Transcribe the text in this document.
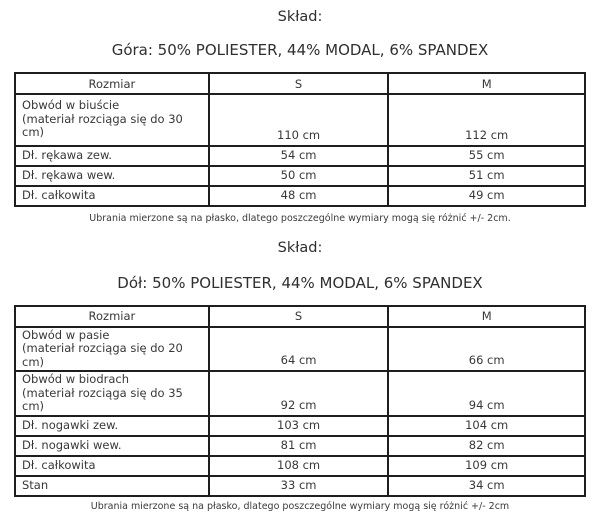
Skład:
Góra: 50% POLIESTER, 44% MODAL, 6% SPANDEX
Rozmiar	S	M

Obwód w biuście
(materiał rozciąga się do 30 cm)	110 cm	112 cm
Dł. rękawa zew.	54 cm	55 cm
Dł. rękawa wew.	50 cm	51 cm
Dł. całkowita	48 cm	49 cm
Ubrania mierzone są na płasko, dlatego poszczególne wymiary mogą się różnić +/- 2cm.
Skład:
Dół: 50% POLIESTER, 44% MODAL, 6% SPANDEX
Rozmiar	S	M

Obwód w pasie
(materiał rozciąga się do 20 cm)	64 cm	66 cm

Obwód w biodrach
(materiał rozciąga się do 35 cm)	92 cm	94 cm
Dł. nogawki zew.	103 cm	104 cm
Dł. nogawki wew.	81 cm	82 cm
Dł. całkowita	108 cm	109 cm
Stan	33 cm	34 cm
Ubrania mierzone są na płasko, dlatego poszczególne wymiary mogą się różnić +/- 2cm
